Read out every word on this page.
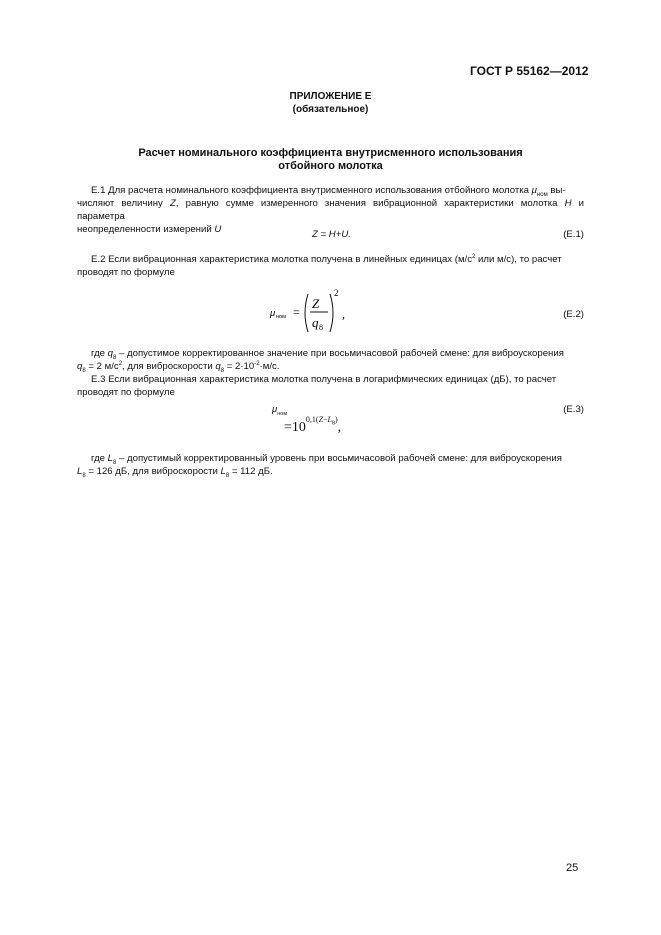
ГОСТ Р 55162—2012
ПРИЛОЖЕНИЕ Е
(обязательное)
Расчет номинального коэффициента внутрисменного использования
отбойного молотка
Е.1 Для расчета номинального коэффициента внутрисменного использования отбойного молотка $\mu_{ном}$ вы-
числяют величину Z, равную сумме измеренного значения вибрационной характеристики молотка H и параметра
неопределенности измерений U	Z = H+U.	(Е.1)
Е.2 Если вибрационная характеристика молотка получена в линейных единицах ($м/с^2$ или м/с), то расчет
проводят по формуле
μ ном =
Z
q 8
2
,	(Е.2)
где $q_8$ – допустимое корректированное значение при восьмичасовой рабочей смене: для виброускорения
$q_8 = 2$ $м/с^2$, для виброскорости $q_8 = 2\cdot 10^{-2}\cdot м/с$.
Е.3 Если вибрационная характеристика молотка получена в логарифмических единицах (дБ), то расчет
проводят по формуле
$\mu_{ном}$	(Е.3)
$=10^{0,1(Z-L_8)}$,
где $L_8$ – допустимый корректированный уровень при восьмичасовой рабочей смене: для виброускорения
$L_8 = 126$ дБ, для виброскорости $L_8 = 112$ дБ.
25
